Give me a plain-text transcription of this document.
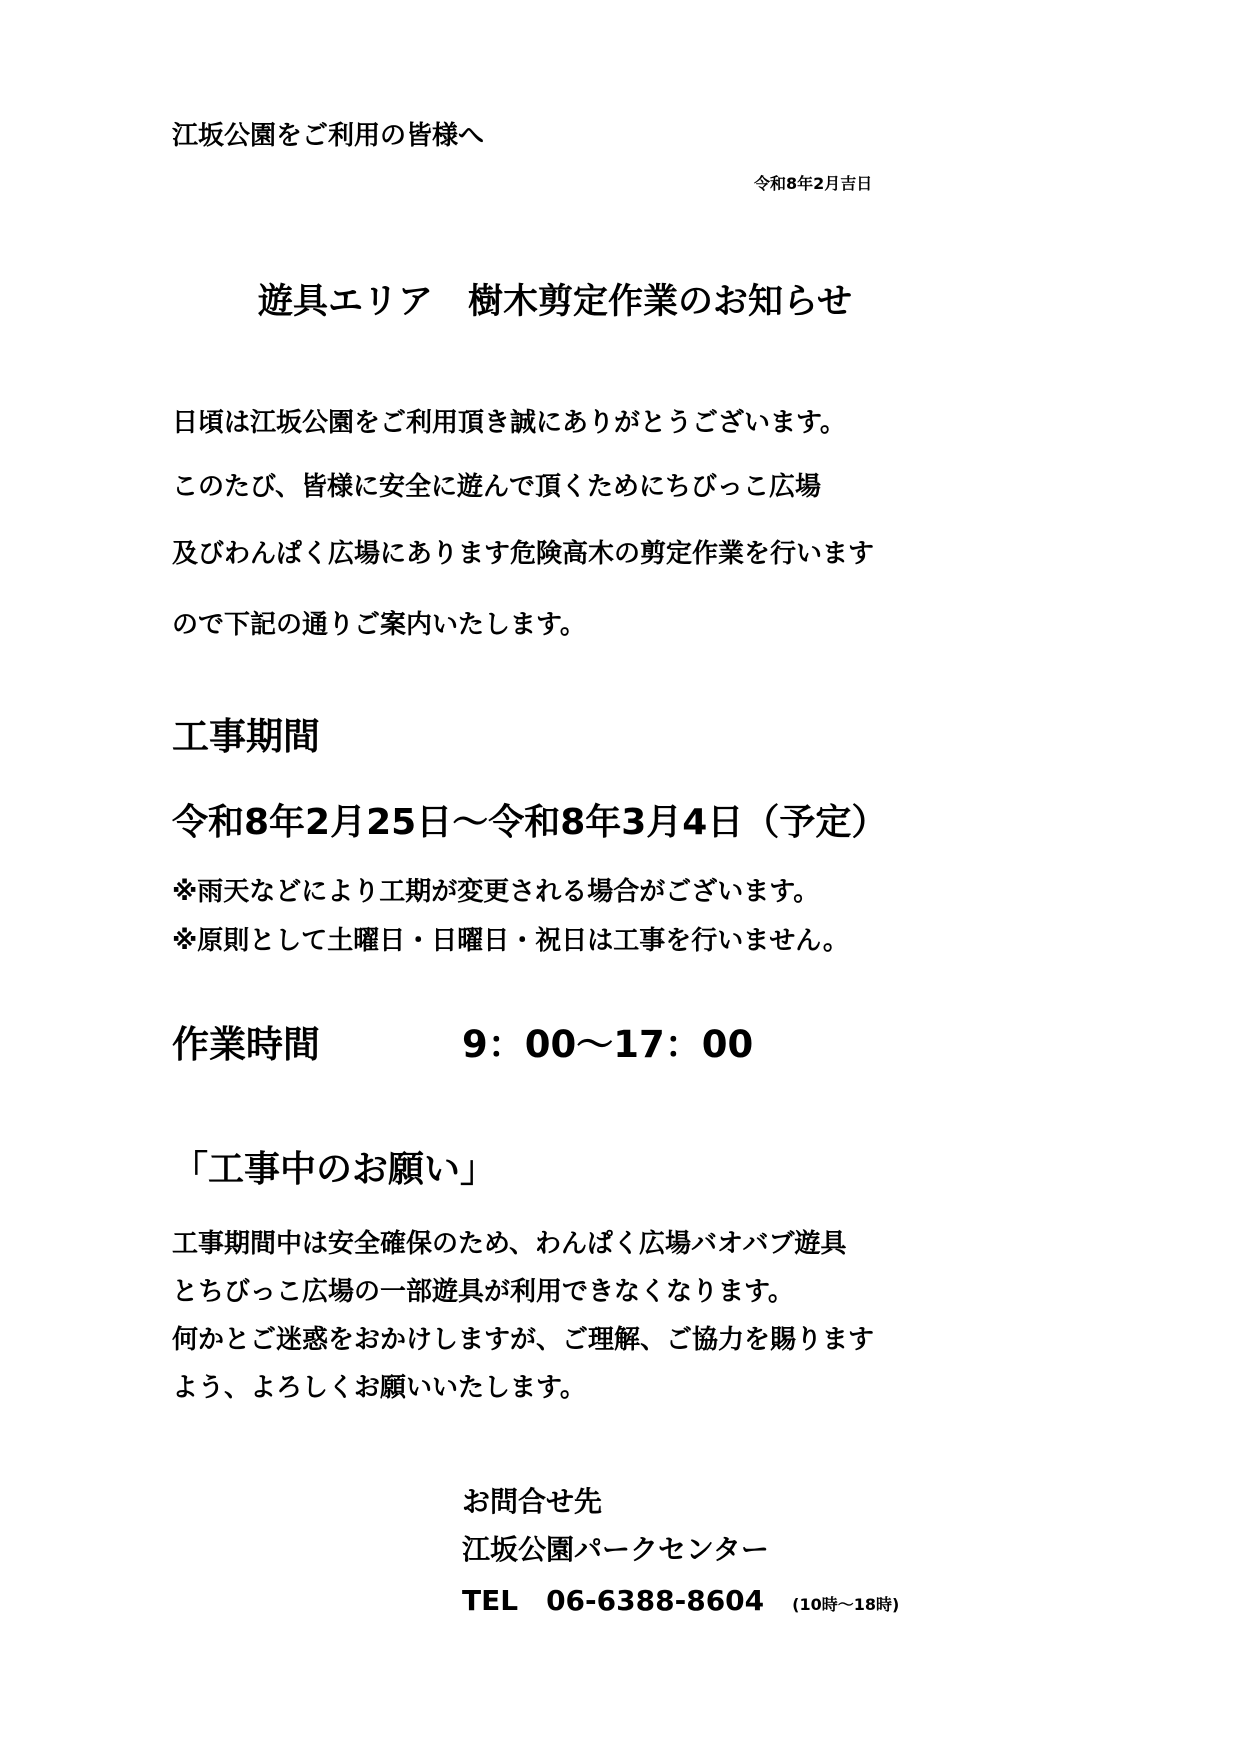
江坂公園をご利用の皆様へ
令和8年2月吉日
遊具エリア　樹木剪定作業のお知らせ
日頃は江坂公園をご利用頂き誠にありがとうございます。
このたび、皆様に安全に遊んで頂くためにちびっこ広場
及びわんぱく広場にあります危険高木の剪定作業を行います
ので下記の通りご案内いたします。
工事期間
令和8年2月25日～令和8年3月4日（予定）
※雨天などにより工期が変更される場合がございます。
※原則として土曜日・日曜日・祝日は工事を行いません。
作業時間	9：00～17：00
「工事中のお願い」
工事期間中は安全確保のため、わんぱく広場バオバブ遊具
とちびっこ広場の一部遊具が利用できなくなります。
何かとご迷惑をおかけしますが、ご理解、ご協力を賜ります
よう、よろしくお願いいたします。
お問合せ先
江坂公園パークセンター
TEL　06-6388-8604 (10時～18時)
